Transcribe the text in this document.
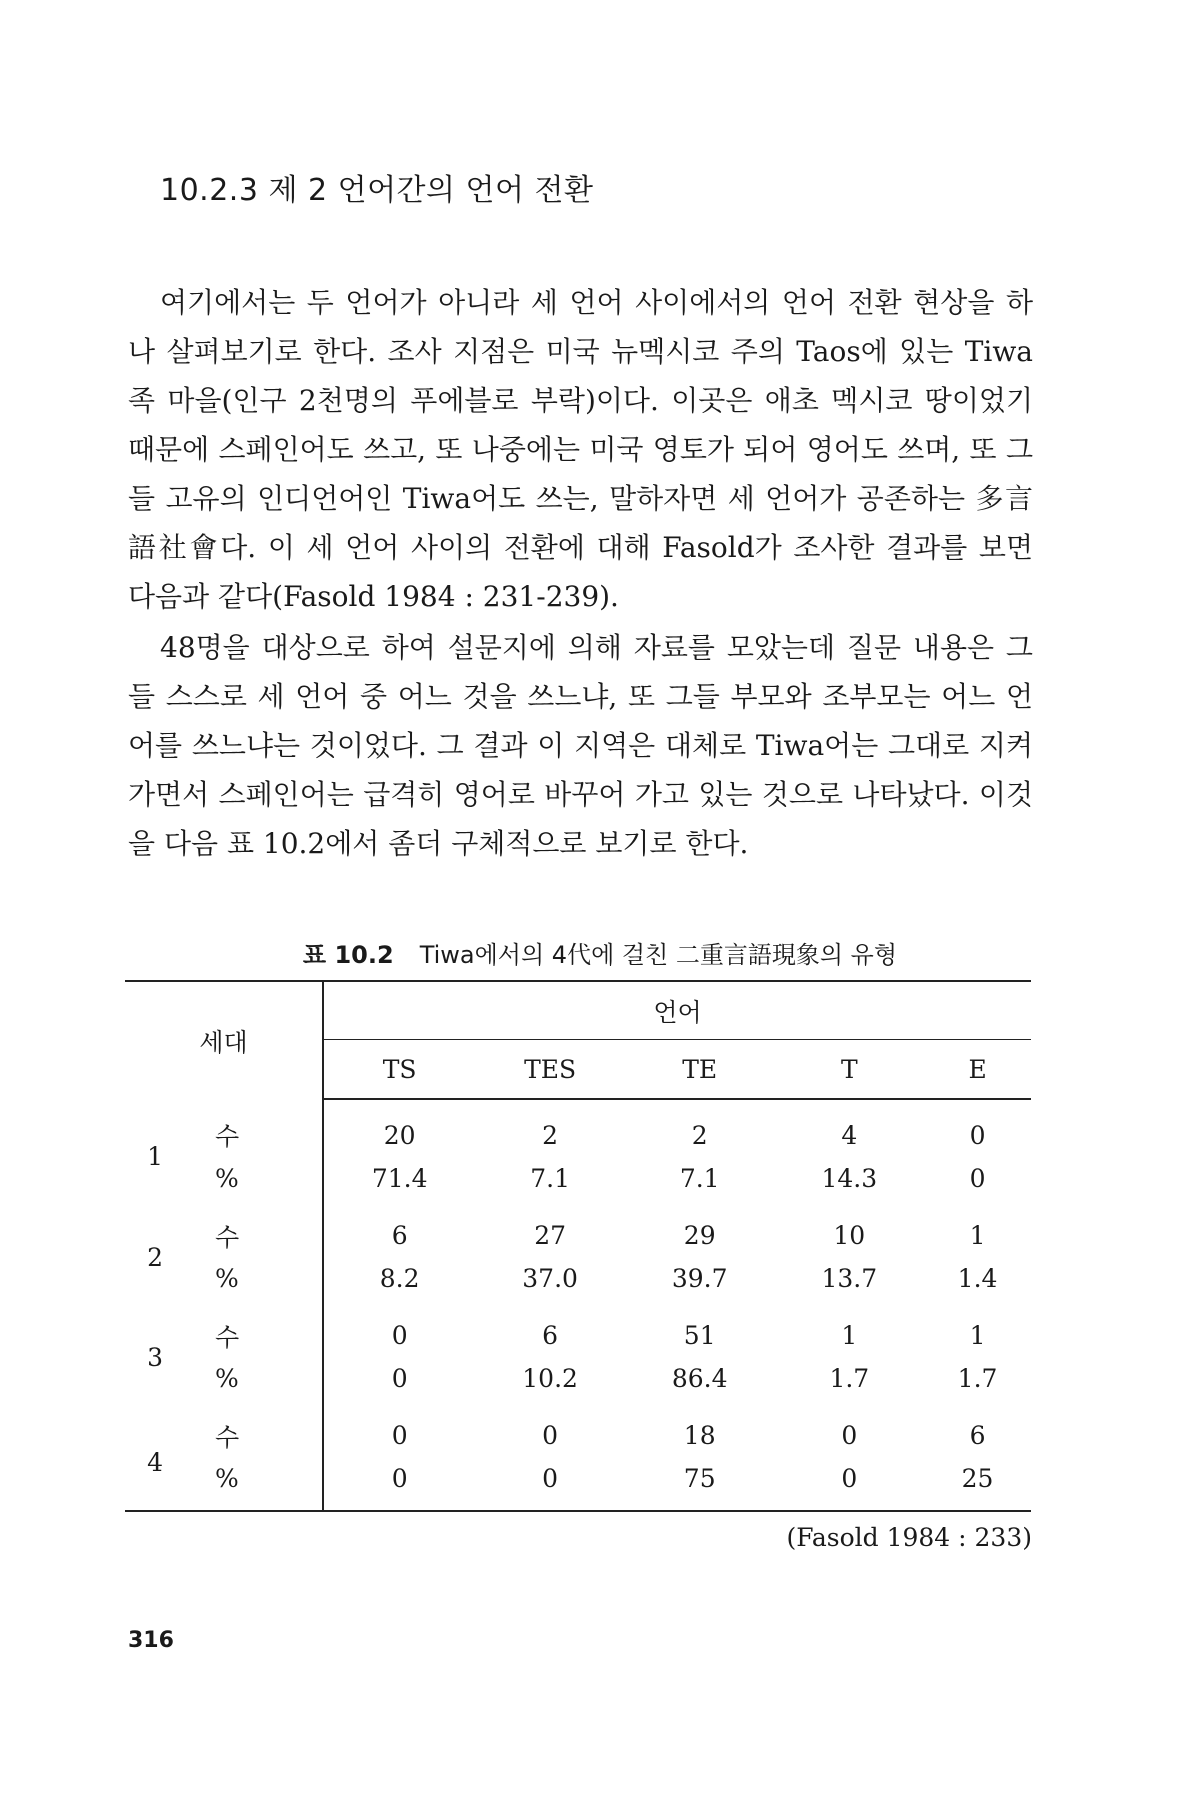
10.2.3 제 2 언어간의 언어 전환

여기에서는 두 언어가 아니라 세 언어 사이에서의 언어 전환 현상을 하나 살펴보기로 한다. 조사 지점은 미국 뉴멕시코 주의 Taos에 있는 Tiwa족 마을(인구 2천명의 푸에블로 부락)이다. 이곳은 애초 멕시코 땅이었기 때문에 스페인어도 쓰고, 또 나중에는 미국 영토가 되어 영어도 쓰며, 또 그들 고유의 인디언어인 Tiwa어도 쓰는, 말하자면 세 언어가 공존하는 多言語社會다. 이 세 언어 사이의 전환에 대해 Fasold가 조사한 결과를 보면 다음과 같다(Fasold 1984 : 231-239).

48명을 대상으로 하여 설문지에 의해 자료를 모았는데 질문 내용은 그들 스스로 세 언어 중 어느 것을 쓰느냐, 또 그들 부모와 조부모는 어느 언어를 쓰느냐는 것이었다. 그 결과 이 지역은 대체로 Tiwa어는 그대로 지켜 가면서 스페인어는 급격히 영어로 바꾸어 가고 있는 것으로 나타났다. 이것을 다음 표 10.2에서 좀더 구체적으로 보기로 한다.

표 10.2 Tiwa에서의 4代에 걸친 二重言語現象의 유형
세대		언어				
		TS	TES	TE	T	E
1	수	20	2	2	4	0
	%	71.4	7.1	7.1	14.3	0
2	수	6	27	29	10	1
	%	8.2	37.0	39.7	13.7	1.4
3	수	0	6	51	1	1
	%	0	10.2	86.4	1.7	1.7
4	수	0	0	18	0	6
	%	0	0	75	0	25
(Fasold 1984 : 233)
316
